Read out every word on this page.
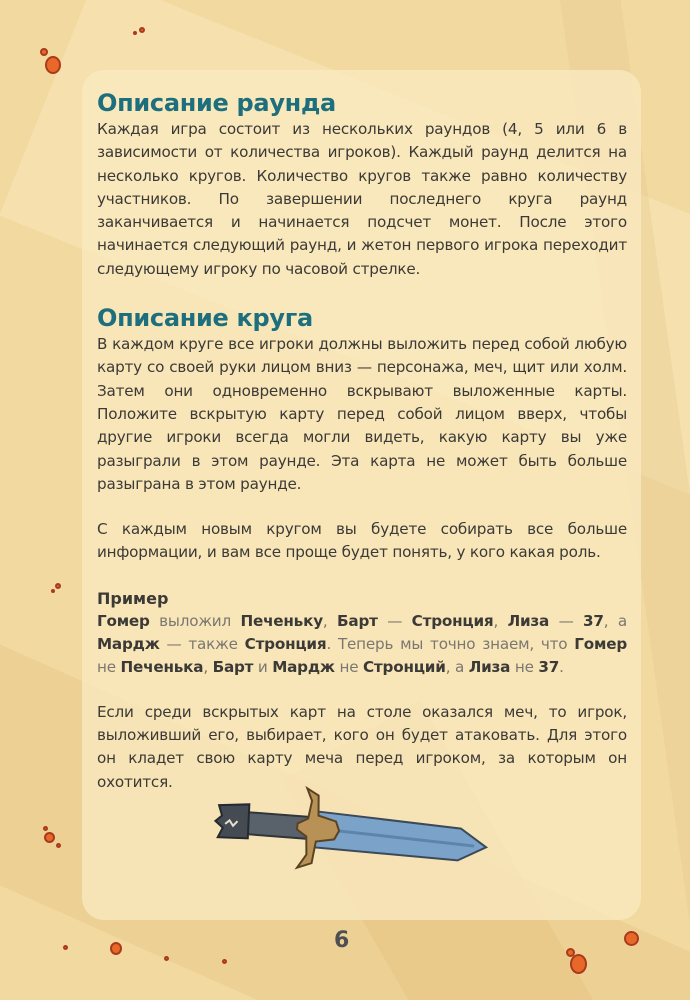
Описание раунда

Каждая игра состоит из нескольких раундов (4, 5 или 6 в зависимости от количества игроков). Каждый раунд делится на несколько кругов. Количество кругов также равно количеству участников. По завершении последнего круга раунд заканчивается и начинается подсчет монет. После этого начинается следующий раунд, и жетон первого игрока переходит следующему игроку по часовой стрелке.

Описание круга

В каждом круге все игроки должны выложить перед собой любую карту со своей руки лицом вниз — персонажа, меч, щит или холм. Затем они одновременно вскрывают выложенные карты. Положите вскрытую карту перед собой лицом вверх, чтобы другие игроки всегда могли видеть, какую карту вы уже разыграли в этом раунде. Эта карта не может быть больше разыграна в этом раунде.

С каждым новым кругом вы будете собирать все больше информации, и вам все проще будет понять, у кого какая роль.

Пример

Гомер выложил Печеньку, Барт — Стронция, Лиза — 37, а Мардж — также Стронция. Теперь мы точно знаем, что Гомер не Печенька, Барт и Мардж не Стронций, а Лиза не 37.

Если среди вскрытых карт на столе оказался меч, то игрок, выложивший его, выбирает, кого он будет атаковать. Для этого он кладет свою карту меча перед игроком, за которым он охотится.

6
